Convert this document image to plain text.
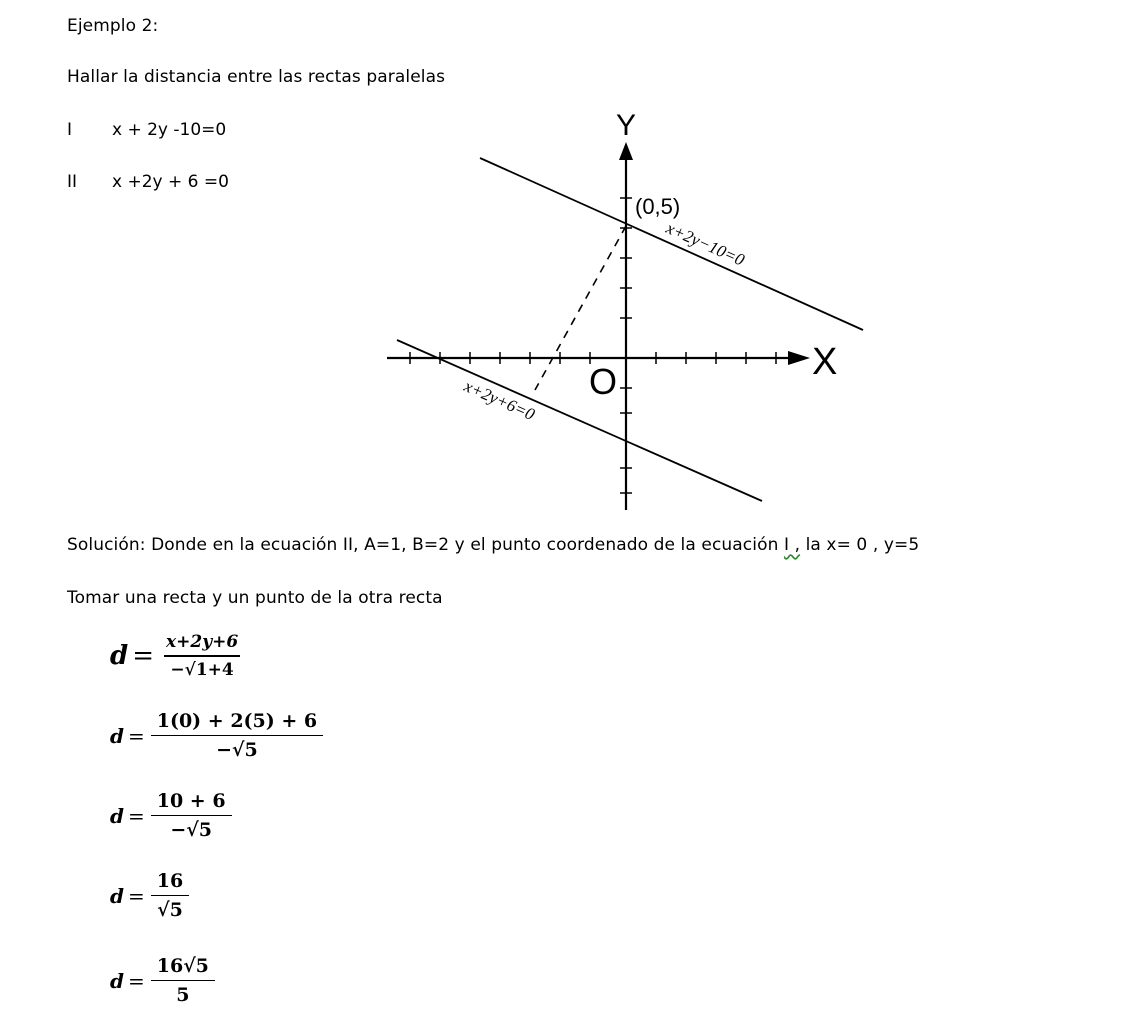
Ejemplo 2:
Hallar la distancia entre las rectas paralelas
I x + 2y -10=0
II x +2y + 6 =0
Y
X
O
(0,5)
x+2y−10=0
x+2y+6=0
Solución: Donde en la ecuación II, A=1, B=2 y el punto coordenado de la ecuación I , la x= 0 , y=5
Tomar una recta y un punto de la otra recta
$d = \frac{x+2y+6}{-√1+4}$
$d = \frac{1(0) + 2(5) + 6}{-√5}$
$d = \frac{10 + 6}{-√5}$
$d = \frac{16}{√5}$
$d = \frac{16√5}{5}$
